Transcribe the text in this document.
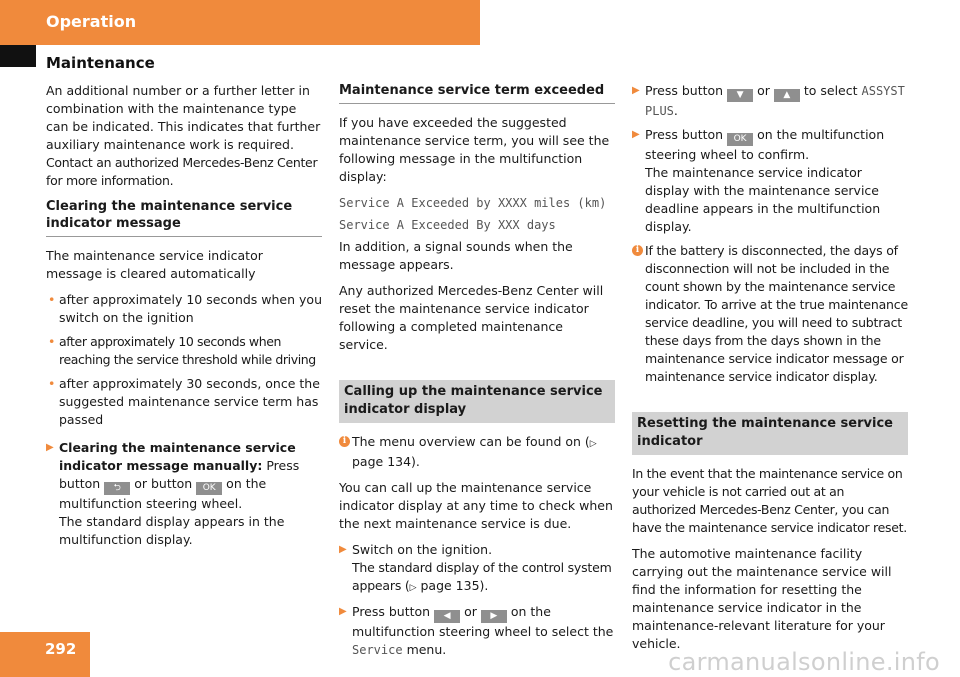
Operation
Maintenance

An additional number or a further letter in combination with the maintenance type can be indicated. This indicates that further auxiliary maintenance work is required. Contact an authorized Mercedes-Benz Center for more information.

Clearing the maintenance service indicator message

The maintenance service indicator message is cleared automatically

• after approximately 10 seconds when you switch on the ignition
• after approximately 10 seconds when reaching the service threshold while driving
• after approximately 30 seconds, once the suggested maintenance service term has passed
▶ Clearing the maintenance service indicator message manually: Press button ⮌ or button OK on the multifunction steering wheel.
The standard display appears in the multifunction display.
Maintenance service term exceeded

If you have exceeded the suggested maintenance service term, you will see the following message in the multifunction display:

Service A Exceeded by XXXX miles (km)
Service A Exceeded By XXX days

In addition, a signal sounds when the message appears.

Any authorized Mercedes-Benz Center will reset the maintenance service indicator following a completed maintenance service.

Calling up the maintenance service indicator display
i The menu overview can be found on (▷ page 134).

You can call up the maintenance service indicator display at any time to check when the next maintenance service is due.

▶ Switch on the ignition.
The standard display of the control system appears (▷ page 135).
▶ Press button ◀ or ▶ on the multifunction steering wheel to select the Service menu.
▶ Press button ▼ or ▲ to select ASSYST PLUS.
▶ Press button OK on the multifunction steering wheel to confirm.
The maintenance service indicator display with the maintenance service deadline appears in the multifunction display.
i If the battery is disconnected, the days of disconnection will not be included in the count shown by the maintenance service indicator. To arrive at the true maintenance service deadline, you will need to subtract these days from the days shown in the maintenance service indicator message or maintenance service indicator display.
Resetting the maintenance service indicator

In the event that the maintenance service on your vehicle is not carried out at an authorized Mercedes-Benz Center, you can have the maintenance service indicator reset.

The automotive maintenance facility carrying out the maintenance service will find the information for resetting the maintenance service indicator in the maintenance-relevant literature for your vehicle.

292	carmanualsonline.info
